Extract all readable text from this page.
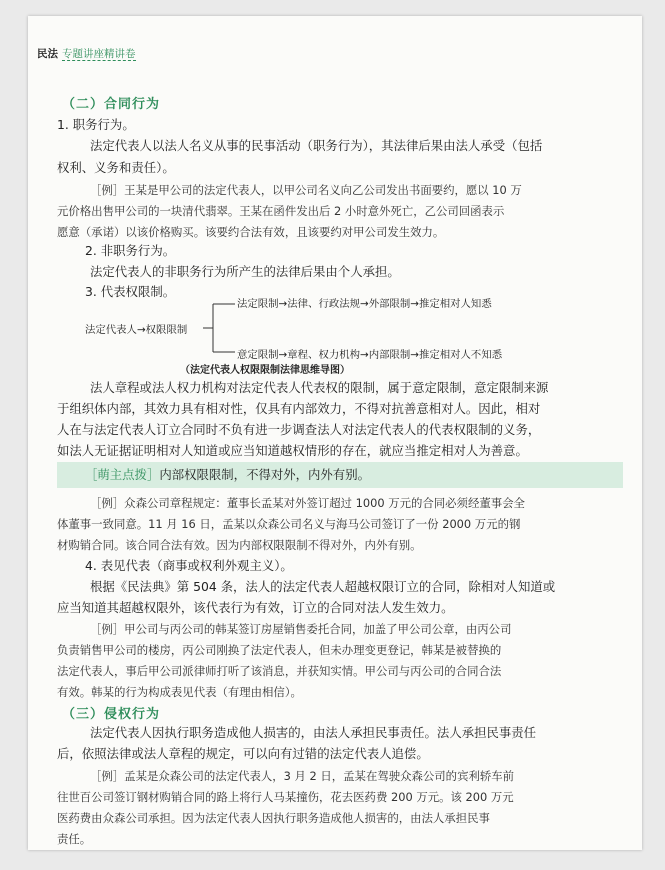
民法 专题讲座精讲卷
（二）合同行为
1. 职务行为。
法定代表人以法人名义从事的民事活动（职务行为），其法律后果由法人承受（包括
权利、义务和责任）。
［例］王某是甲公司的法定代表人，以甲公司名义向乙公司发出书面要约，愿以 10 万
元价格出售甲公司的一块清代翡翠。王某在函件发出后 2 小时意外死亡，乙公司回函表示
愿意（承诺）以该价格购买。该要约合法有效，且该要约对甲公司发生效力。
2. 非职务行为。
法定代表人的非职务行为所产生的法律后果由个人承担。
3. 代表权限制。
法定代表人→权限限制
法定限制→法律、行政法规→外部限制→推定相对人知悉
意定限制→章程、权力机构→内部限制→推定相对人不知悉
（法定代表人权限限制法律思维导图）
法人章程或法人权力机构对法定代表人代表权的限制，属于意定限制，意定限制来源
于组织体内部，其效力具有相对性，仅具有内部效力，不得对抗善意相对人。因此，相对
人在与法定代表人订立合同时不负有进一步调查法人对法定代表人的代表权限制的义务，
如法人无证据证明相对人知道或应当知道越权情形的存在，就应当推定相对人为善意。
［萌主点拨］内部权限限制，不得对外，内外有别。
［例］众森公司章程规定：董事长孟某对外签订超过 1000 万元的合同必须经董事会全
体董事一致同意。11 月 16 日，孟某以众森公司名义与海马公司签订了一份 2000 万元的钢
材购销合同。该合同合法有效。因为内部权限限制不得对外，内外有别。
4. 表见代表（商事或权利外观主义）。
根据《民法典》第 504 条，法人的法定代表人超越权限订立的合同，除相对人知道或
应当知道其超越权限外，该代表行为有效，订立的合同对法人发生效力。
［例］甲公司与丙公司的韩某签订房屋销售委托合同，加盖了甲公司公章，由丙公司
负责销售甲公司的楼房，丙公司刚换了法定代表人，但未办理变更登记，韩某是被替换的
法定代表人，事后甲公司派律师打听了该消息，并获知实情。甲公司与丙公司的合同合法
有效。韩某的行为构成表见代表（有理由相信）。
（三）侵权行为
法定代表人因执行职务造成他人损害的，由法人承担民事责任。法人承担民事责任
后，依照法律或法人章程的规定，可以向有过错的法定代表人追偿。
［例］孟某是众森公司的法定代表人，3 月 2 日，孟某在驾驶众森公司的宾利轿车前
往世百公司签订钢材购销合同的路上将行人马某撞伤，花去医药费 200 万元。该 200 万元
医药费由众森公司承担。因为法定代表人因执行职务造成他人损害的，由法人承担民事
责任。
